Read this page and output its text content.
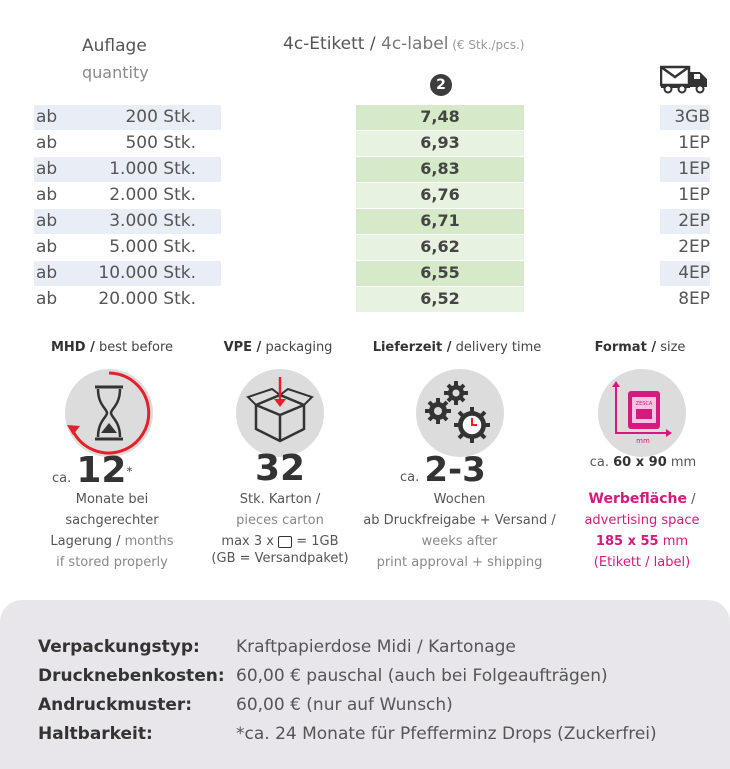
Auflage
quantity
4c-Etikett / 4c-label (€ Stk./pcs.)
2
ab	200 Stk.	7,48	3GB
ab	500 Stk.	6,93	1EP
ab	1.000 Stk.	6,83	1EP
ab	2.000 Stk.	6,76	1EP
ab	3.000 Stk.	6,71	2EP
ab	5.000 Stk.	6,62	2EP
ab	10.000 Stk.	6,55	4EP
ab	20.000 Stk.	6,52	8EP
MHD / best before	VPE / packaging	Lieferzeit / delivery time	Format / size
ca. 12*
Monate bei
sachgerechter
Lagerung / months
if stored properly
32
Stk. Karton /
pieces carton
max 3 x = 1GB
(GB = Versandpaket)
ca. 2-3
Wochen
ab Druckfreigabe + Versand /
weeks after
print approval + shipping
ZESCA
mm
ca. 60 x 90 mm
Werbefläche /
advertising space
185 x 55 mm
(Etikett / label)
Verpackungstyp: Kraftpapierdose Midi / Kartonage
Drucknebenkosten: 60,00 € pauschal (auch bei Folgeaufträgen)
Andruckmuster:	60,00 € (nur auf Wunsch)
Haltbarkeit:	*ca. 24 Monate für Pfefferminz Drops (Zuckerfrei)
